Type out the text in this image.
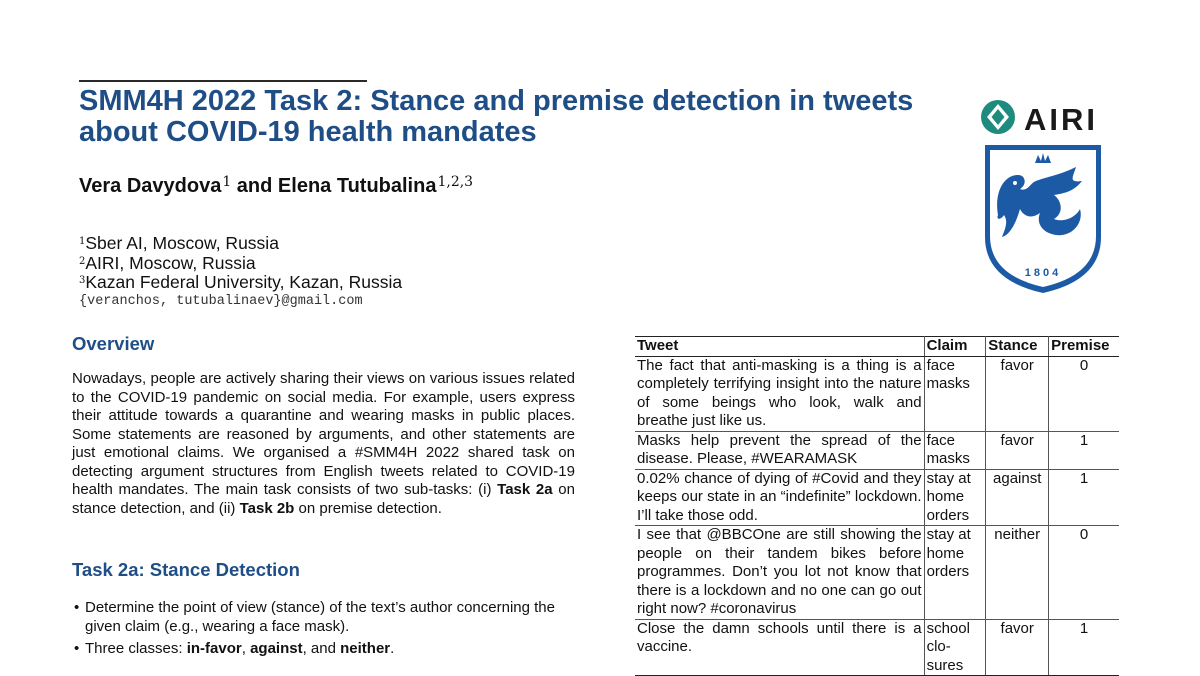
SMM4H 2022 Task 2: Stance and premise detection in tweets about COVID-19 health mandates
Vera Davydova$^1$ and Elena Tutubalina$^{1,2,3}$
$^1$Sber AI, Moscow, Russia
$^2$AIRI, Moscow, Russia
$^3$Kazan Federal University, Kazan, Russia
{veranchos, tutubalinaev}@gmail.com
AIRI
1804
Overview

Nowadays, people are actively sharing their views on various issues related to the COVID-19 pandemic on social media. For example, users express their attitude towards a quarantine and wearing masks in public places. Some statements are reasoned by arguments, and other statements are just emotional claims. We organised a #SMM4H 2022 shared task on detecting argument structures from English tweets related to COVID-19 health mandates. The main task consists of two sub-tasks: (i) Task 2a on stance detection, and (ii) Task 2b on premise detection.

Task 2a: Stance Detection
• Determine the point of view (stance) of the text’s author concerning the given claim (e.g., wearing a face mask).
• Three classes: in-favor, against, and neither.
Tweet	Claim	Stance	Premise
The fact that anti-masking is a thing is a completely terrifying insight into the nature of some beings who look, walk and breathe just like us.	face masks	favor	0
Masks help prevent the spread of the disease. Please, #WEARAMASK	face masks	favor	1
0.02% chance of dying of #Covid and they keeps our state in an “indefinite” lockdown. I’ll take those odd.	stay at home orders	against	1
I see that @BBCOne are still showing the people on their tandem bikes before programmes. Don’t you lot not know that there is a lockdown and no one can go out right now? #coronavirus	stay at home orders	neither	0
Close the damn schools until there is a vaccine.	school clo-sures	favor	1
